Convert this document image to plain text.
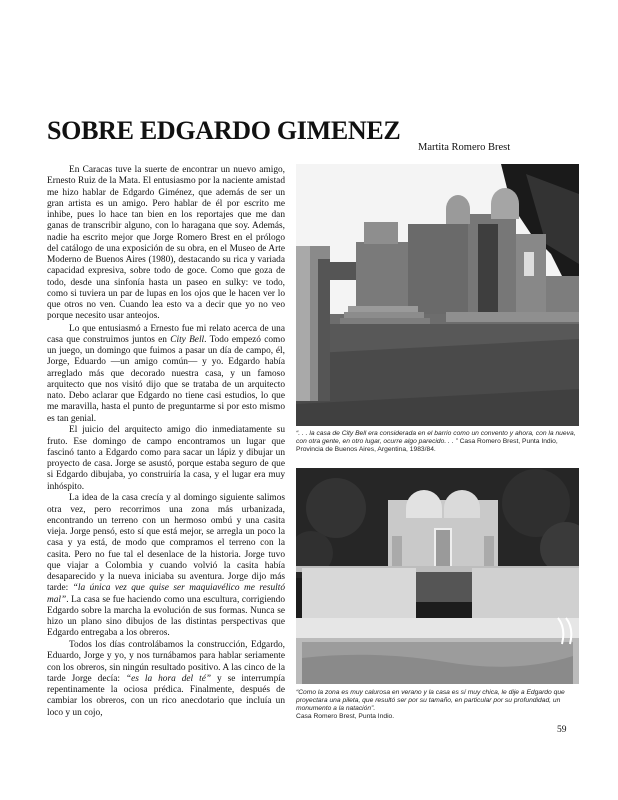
SOBRE EDGARDO GIMENEZ
Martita Romero Brest

En Caracas tuve la suerte de encontrar un nuevo amigo, Ernesto Ruiz de la Mata. El entusiasmo por la naciente amistad me hizo hablar de Edgardo Giménez, que además de ser un gran artista es un amigo. Pero hablar de él por escrito me inhibe, pues lo hace tan bien en los reportajes que me dan ganas de transcribir alguno, con lo haragana que soy. Además, nadie ha escrito mejor que Jorge Romero Brest en el prólogo del catálogo de una exposición de su obra, en el Museo de Arte Moderno de Buenos Aires (1980), destacando su rica y variada capacidad expresiva, sobre todo de goce. Como que goza de todo, desde una sinfonía hasta un paseo en sulky: ve todo, como si tuviera un par de lupas en los ojos que le hacen ver lo que otros no ven. Cuando lea esto va a decir que yo no veo porque necesito usar anteojos.

Lo que entusiasmó a Ernesto fue mi relato acerca de una casa que construimos juntos en City Bell. Todo empezó como un juego, un domingo que fuimos a pasar un día de campo, él, Jorge, Eduardo —un amigo común— y yo. Edgardo había arreglado más que decorado nuestra casa, y un famoso arquitecto que nos visitó dijo que se trataba de un arquitecto nato. Debo aclarar que Edgardo no tiene casi estudios, lo que me maravilla, hasta el punto de preguntarme si por esto mismo es tan genial.

El juicio del arquitecto amigo dio inmediatamente su fruto. Ese domingo de campo encontramos un lugar que fascinó tanto a Edgardo como para sacar un lápiz y dibujar un proyecto de casa. Jorge se asustó, porque estaba seguro de que si Edgardo dibujaba, yo construiría la casa, y el lugar era muy inhóspito.

La idea de la casa crecía y al domingo siguiente salimos otra vez, pero recorrimos una zona más urbanizada, encontrando un terreno con un hermoso ombú y una casita vieja. Jorge pensó, esto sí que está mejor, se arregla un poco la casa y ya está, de modo que compramos el terreno con la casita. Pero no fue tal el desenlace de la historia. Jorge tuvo que viajar a Colombia y cuando volvió la casita había desaparecido y la nueva iniciaba su aventura. Jorge dijo más tarde: “la única vez que quise ser maquiavélico me resultó mal”. La casa se fue haciendo como una escultura, corrigiendo Edgardo sobre la marcha la evolución de sus formas. Nunca se hizo un plano sino dibujos de las distintas perspectivas que Edgardo entregaba a los obreros.

Todos los días controlábamos la construcción, Edgardo, Eduardo, Jorge y yo, y nos turnábamos para hablar seriamente con los obreros, sin ningún resultado positivo. A las cinco de la tarde Jorge decía: “es la hora del té” y se interrumpía repentinamente la ociosa prédica. Finalmente, después de cambiar los obreros, con un rico anecdotario que incluía un loco y un cojo,

“. . . la casa de City Bell era considerada en el barrio como un convento y ahora, con la nueva, con otra gente, en otro lugar, ocurre algo parecido. . . ” Casa Romero Brest, Punta Indio, Provincia de Buenos Aires, Argentina, 1983/84.
“Como la zona es muy calurosa en verano y la casa es sí muy chica, le dije a Edgardo que proyectara una pileta, que resultó ser por su tamaño, en particular por su profundidad, un monumento a la natación”.
Casa Romero Brest, Punta Indio.
59
